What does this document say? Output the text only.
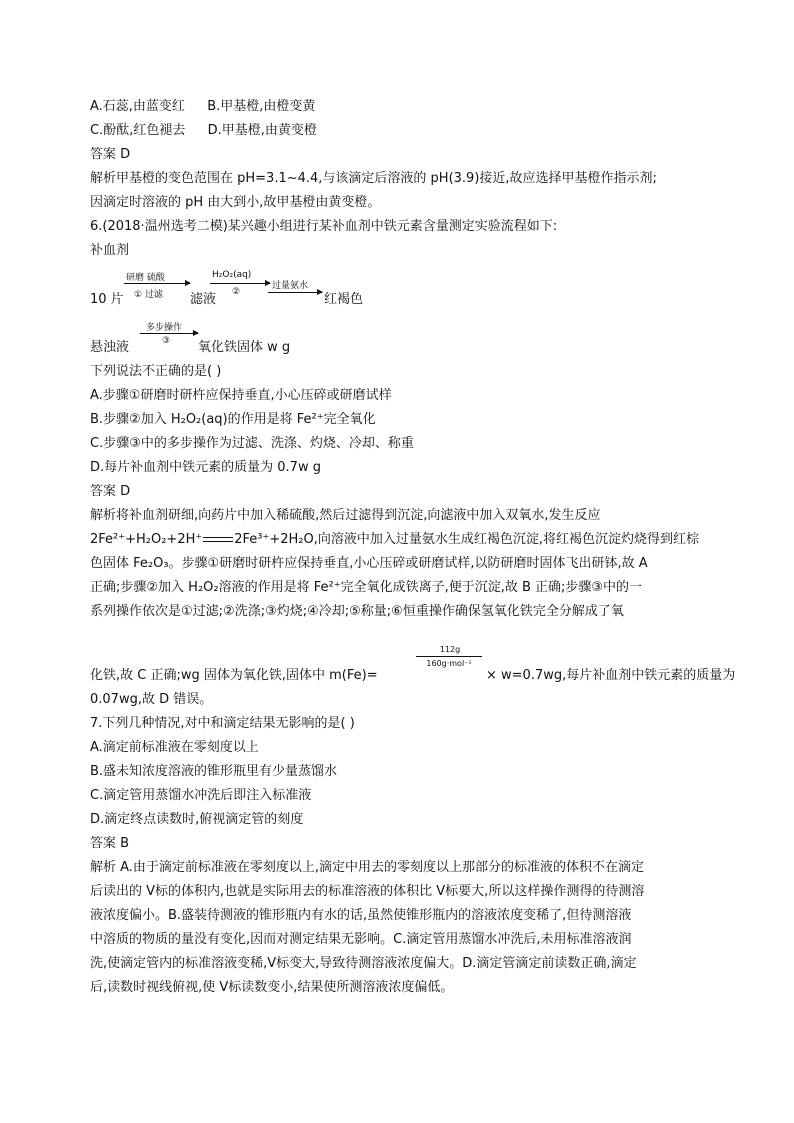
A.石蕊,由蓝变红 B.甲基橙,由橙变黄
C.酚酞,红色褪去 D.甲基橙,由黄变橙
答案 D
解析甲基橙的变色范围在 pH=3.1~4.4,与该滴定后溶液的 pH(3.9)接近,故应选择甲基橙作指示剂;
因滴定时溶液的 pH 由大到小,故甲基橙由黄变橙。
6.(2018·温州选考二模)某兴趣小组进行某补血剂中铁元素含量测定实验流程如下:
补血剂
研磨 硫酸
① 过滤
10 片	滤液
H₂O₂(aq)
②
过量氨水
红褐色
多步操作
③
悬浊液	氧化铁固体 w g
下列说法不正确的是( )
A.步骤①研磨时研杵应保持垂直,小心压碎或研磨试样
B.步骤②加入 H₂O₂(aq)的作用是将 Fe²⁺完全氧化
C.步骤③中的多步操作为过滤、洗涤、灼烧、冷却、称重
D.每片补血剂中铁元素的质量为 0.7w g
答案 D
解析将补血剂研细,向药片中加入稀硫酸,然后过滤得到沉淀,向滤液中加入双氧水,发生反应
2Fe²⁺+H₂O₂+2H⁺ 2Fe³⁺+2H₂O,向溶液中加入过量氨水生成红褐色沉淀,将红褐色沉淀灼烧得到红棕
色固体 Fe₂O₃。步骤①研磨时研杵应保持垂直,小心压碎或研磨试样,以防研磨时固体飞出研钵,故 A
正确;步骤②加入 H₂O₂溶液的作用是将 Fe²⁺完全氧化成铁离子,便于沉淀,故 B 正确;步骤③中的一
系列操作依次是①过滤;②洗涤;③灼烧;④冷却;⑤称量;⑥恒重操作确保氢氧化铁完全分解成了氧
112g
160g·mol⁻¹
化铁,故 C 正确;wg 固体为氧化铁,固体中 m(Fe)=	× w=0.7wg,每片补血剂中铁元素的质量为
0.07wg,故 D 错误。
7.下列几种情况,对中和滴定结果无影响的是( )
A.滴定前标准液在零刻度以上
B.盛未知浓度溶液的锥形瓶里有少量蒸馏水
C.滴定管用蒸馏水冲洗后即注入标准液
D.滴定终点读数时,俯视滴定管的刻度
答案 B
解析 A.由于滴定前标准液在零刻度以上,滴定中用去的零刻度以上那部分的标准液的体积不在滴定
后读出的 V标的体积内,也就是实际用去的标准溶液的体积比 V标要大,所以这样操作测得的待测溶
液浓度偏小。B.盛装待测液的锥形瓶内有水的话,虽然使锥形瓶内的溶液浓度变稀了,但待测溶液
中溶质的物质的量没有变化,因而对测定结果无影响。C.滴定管用蒸馏水冲洗后,未用标准溶液润
洗,使滴定管内的标准溶液变稀,V标变大,导致待测溶液浓度偏大。D.滴定管滴定前读数正确,滴定
后,读数时视线俯视,使 V标读数变小,结果使所测溶液浓度偏低。
